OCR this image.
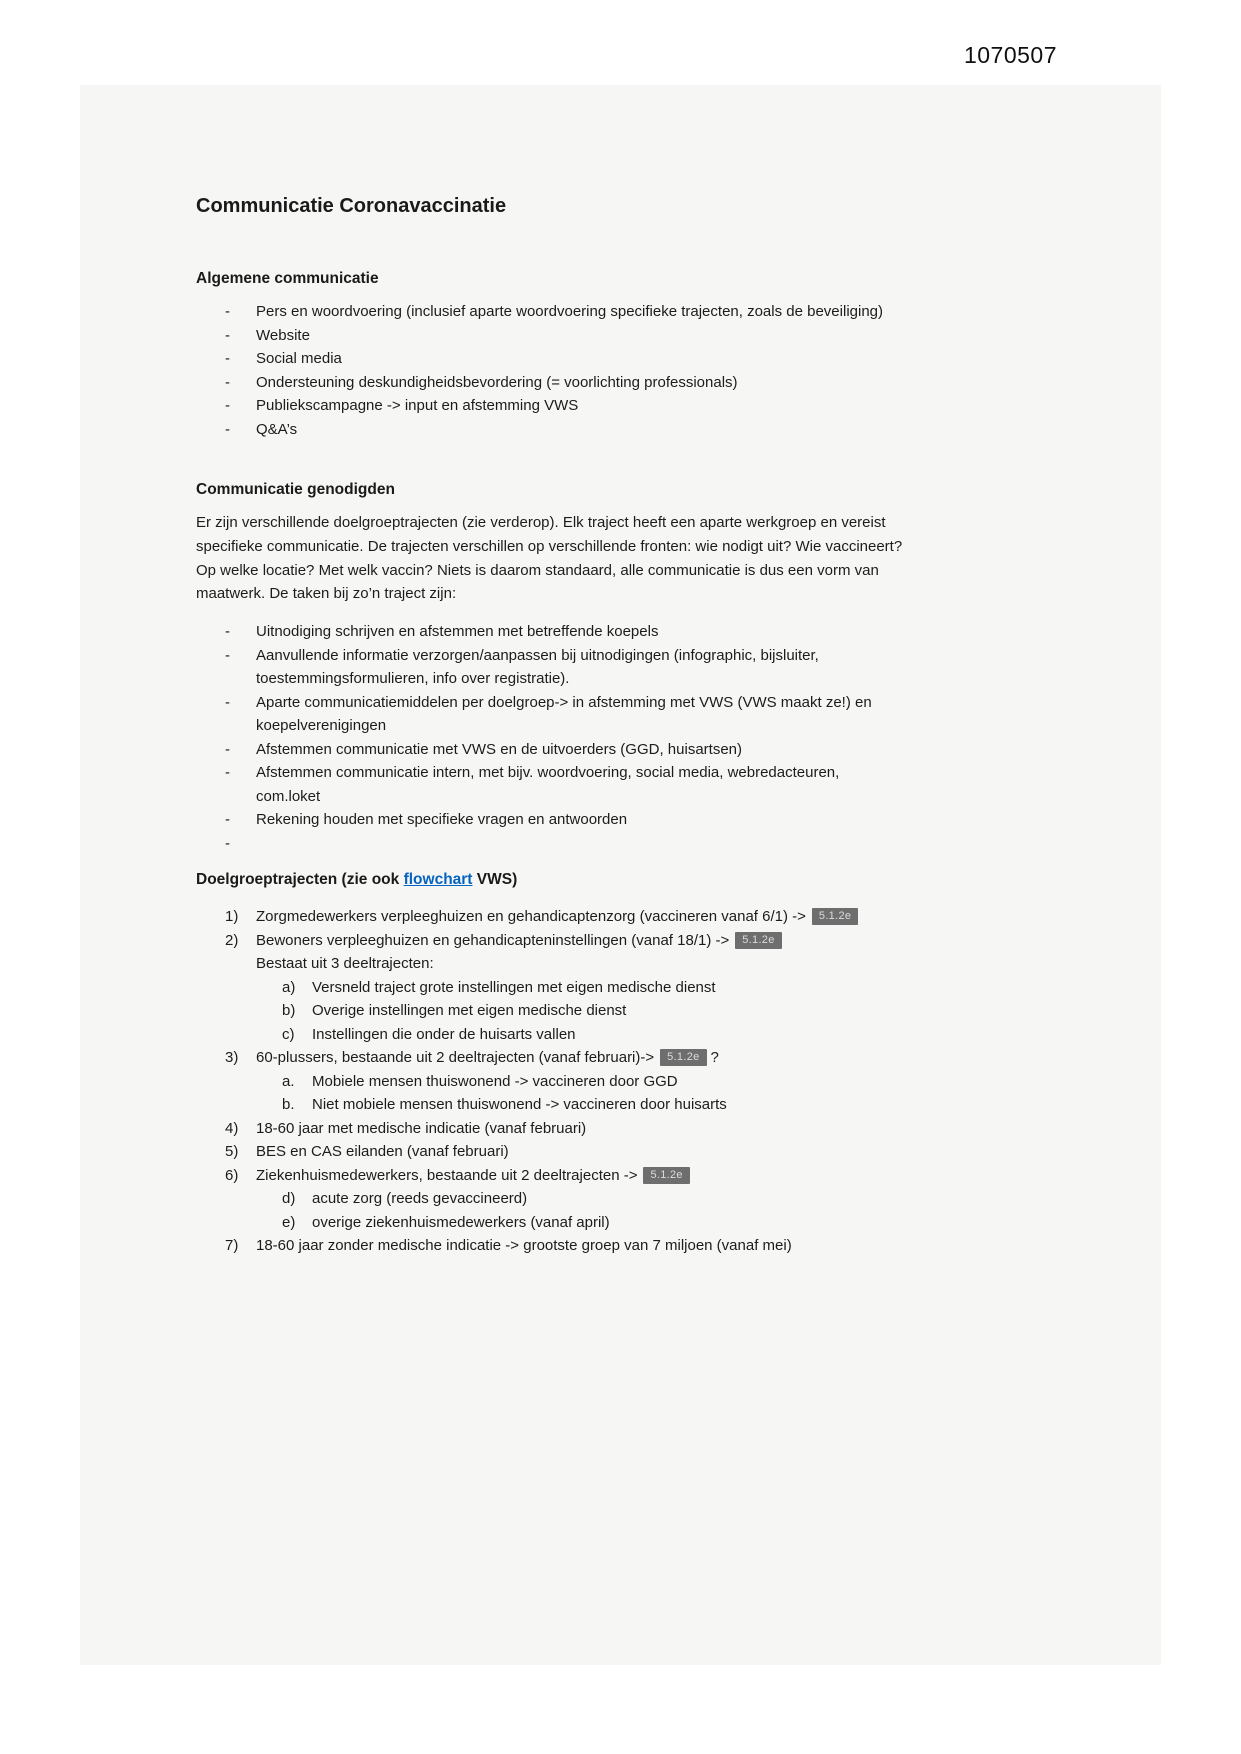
1070507
Communicatie Coronavaccinatie
Algemene communicatie
-	Pers en woordvoering (inclusief aparte woordvoering specifieke trajecten, zoals de beveiliging)
-	Website
-	Social media
-	Ondersteuning deskundigheidsbevordering (= voorlichting professionals)
-	Publiekscampagne -> input en afstemming VWS
-	Q&A’s
Communicatie genodigden

Er zijn verschillende doelgroeptrajecten (zie verderop). Elk traject heeft een aparte werkgroep en vereist specifieke communicatie. De trajecten verschillen op verschillende fronten: wie nodigt uit? Wie vaccineert? Op welke locatie? Met welk vaccin? Niets is daarom standaard, alle communicatie is dus een vorm van maatwerk. De taken bij zo’n traject zijn:

-	Uitnodiging schrijven en afstemmen met betreffende koepels
-	Aanvullende informatie verzorgen/aanpassen bij uitnodigingen (infographic, bijsluiter, toestemmingsformulieren, info over registratie).
-	Aparte communicatiemiddelen per doelgroep-> in afstemming met VWS (VWS maakt ze!) en koepelverenigingen
-	Afstemmen communicatie met VWS en de uitvoerders (GGD, huisartsen)
-	Afstemmen communicatie intern, met bijv. woordvoering, social media, webredacteuren, com.loket
-	Rekening houden met specifieke vragen en antwoorden
-
Doelgroeptrajecten (zie ook flowchart VWS)
1)	Zorgmedewerkers verpleeghuizen en gehandicaptenzorg (vaccineren vanaf 6/1) -> 5.1.2e
2)	Bewoners verpleeghuizen en gehandicapteninstellingen (vanaf 18/1) -> 5.1.2e
Bestaat uit 3 deeltrajecten:
a)	Versneld traject grote instellingen met eigen medische dienst
b)	Overige instellingen met eigen medische dienst
c)	Instellingen die onder de huisarts vallen
3)	60-plussers, bestaande uit 2 deeltrajecten (vanaf februari)-> 5.1.2e ?
a.	Mobiele mensen thuiswonend -> vaccineren door GGD
b.	Niet mobiele mensen thuiswonend -> vaccineren door huisarts
4)	18-60 jaar met medische indicatie (vanaf februari)
5)	BES en CAS eilanden (vanaf februari)
6)	Ziekenhuismedewerkers, bestaande uit 2 deeltrajecten -> 5.1.2e
d)	acute zorg (reeds gevaccineerd)
e)	overige ziekenhuismedewerkers (vanaf april)
7)	18-60 jaar zonder medische indicatie -> grootste groep van 7 miljoen (vanaf mei)
